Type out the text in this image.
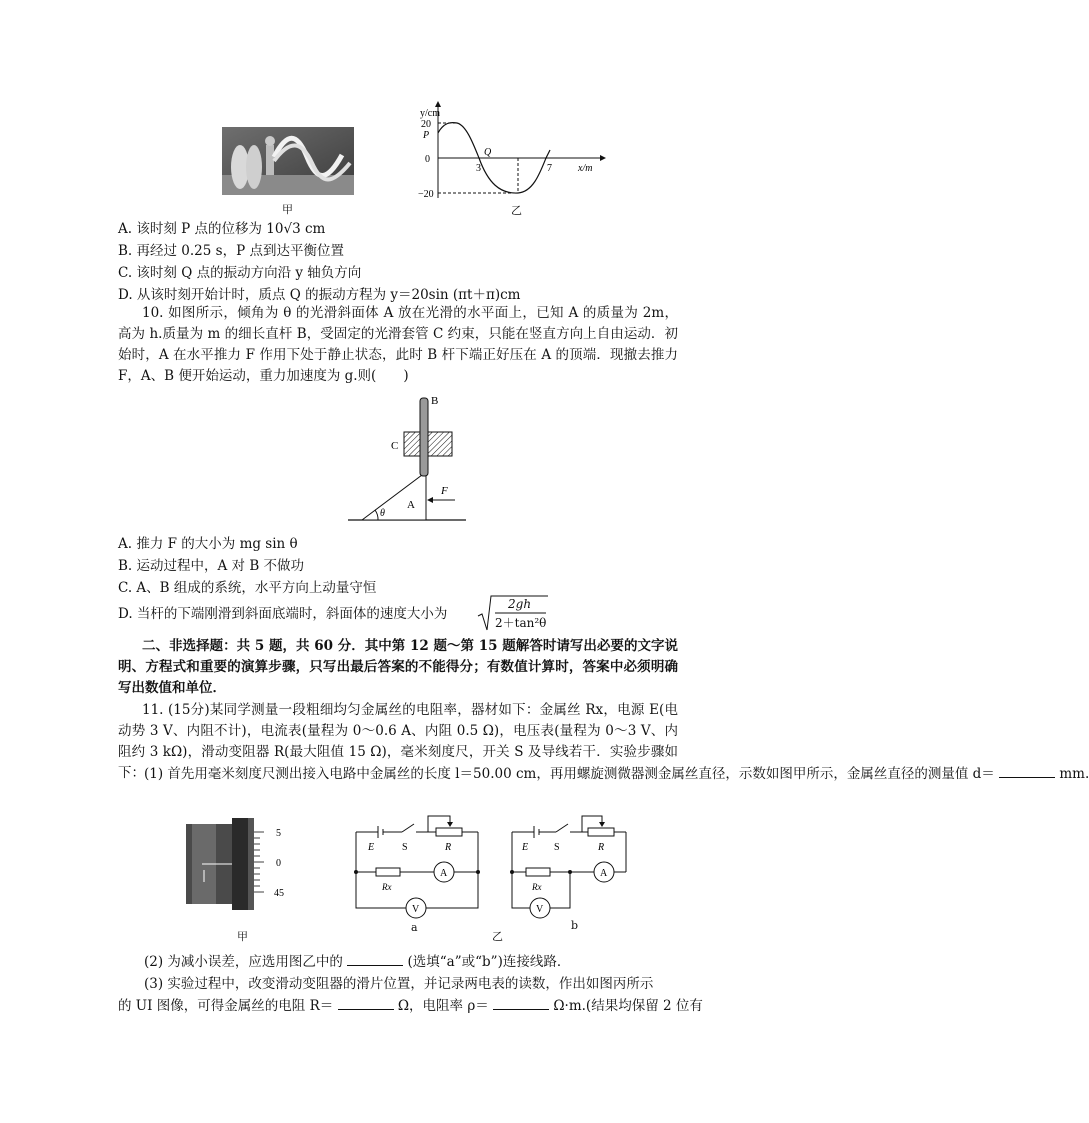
甲
y/cm
x/m
20
0
−20
3	7
P
Q
乙
A. 该时刻 P 点的位移为 10√3 cm
B. 再经过 0.25 s，P 点到达平衡位置
C. 该时刻 Q 点的振动方向沿 y 轴负方向
D. 从该时刻开始计时，质点 Q 的振动方程为 y＝20sin (πt＋π)cm
10. 如图所示，倾角为 θ 的光滑斜面体 A 放在光滑的水平面上，已知 A 的质量为 2m，高为 h.质量为 m 的细长直杆 B，受固定的光滑套管 C 约束，只能在竖直方向上自由运动．初始时，A 在水平推力 F 作用下处于静止状态，此时 B 杆下端正好压在 A 的顶端．现撤去推力 F，A、B 便开始运动，重力加速度为 g.则(　　)
B
C
A
F
θ
A. 推力 F 的大小为 mg sin θ
B. 运动过程中，A 对 B 不做功
C. A、B 组成的系统，水平方向上动量守恒
D. 当杆的下端刚滑到斜面底端时，斜面体的速度大小为
2gh
2＋tan²θ
二、非选择题：共 5 题，共 60 分．其中第 12 题～第 15 题解答时请写出必要的文字说明、方程式和重要的演算步骤，只写出最后答案的不能得分；有数值计算时，答案中必须明确写出数值和单位．
11. (15分)某同学测量一段粗细均匀金属丝的电阻率，器材如下：金属丝 Rx，电源 E(电动势 3 V、内阻不计)，电流表(量程为 0～0.6 A、内阻 0.5 Ω)，电压表(量程为 0～3 V、内阻约 3 kΩ)，滑动变阻器 R(最大阻值 15 Ω)，毫米刻度尺，开关 S 及导线若干．实验步骤如下： (1) 首先用毫米刻度尺测出接入电路中金属丝的长度 l＝50.00 cm，再用螺旋测微器测金属丝直径，示数如图甲所示，金属丝直径的测量值 d＝	mm.
5
0
45
甲
E	S	R
Rx
A
V
a
E	S	R
Rx
A
V
b
乙
(2) 为减小误差，应选用图乙中的	(选填“a”或“b”)连接线路．
(3) 实验过程中，改变滑动变阻器的滑片位置，并记录两电表的读数，作出如图丙所示
的 UI 图像，可得金属丝的电阻 R＝	Ω，电阻率 ρ＝	Ω·m.(结果均保留 2 位有
